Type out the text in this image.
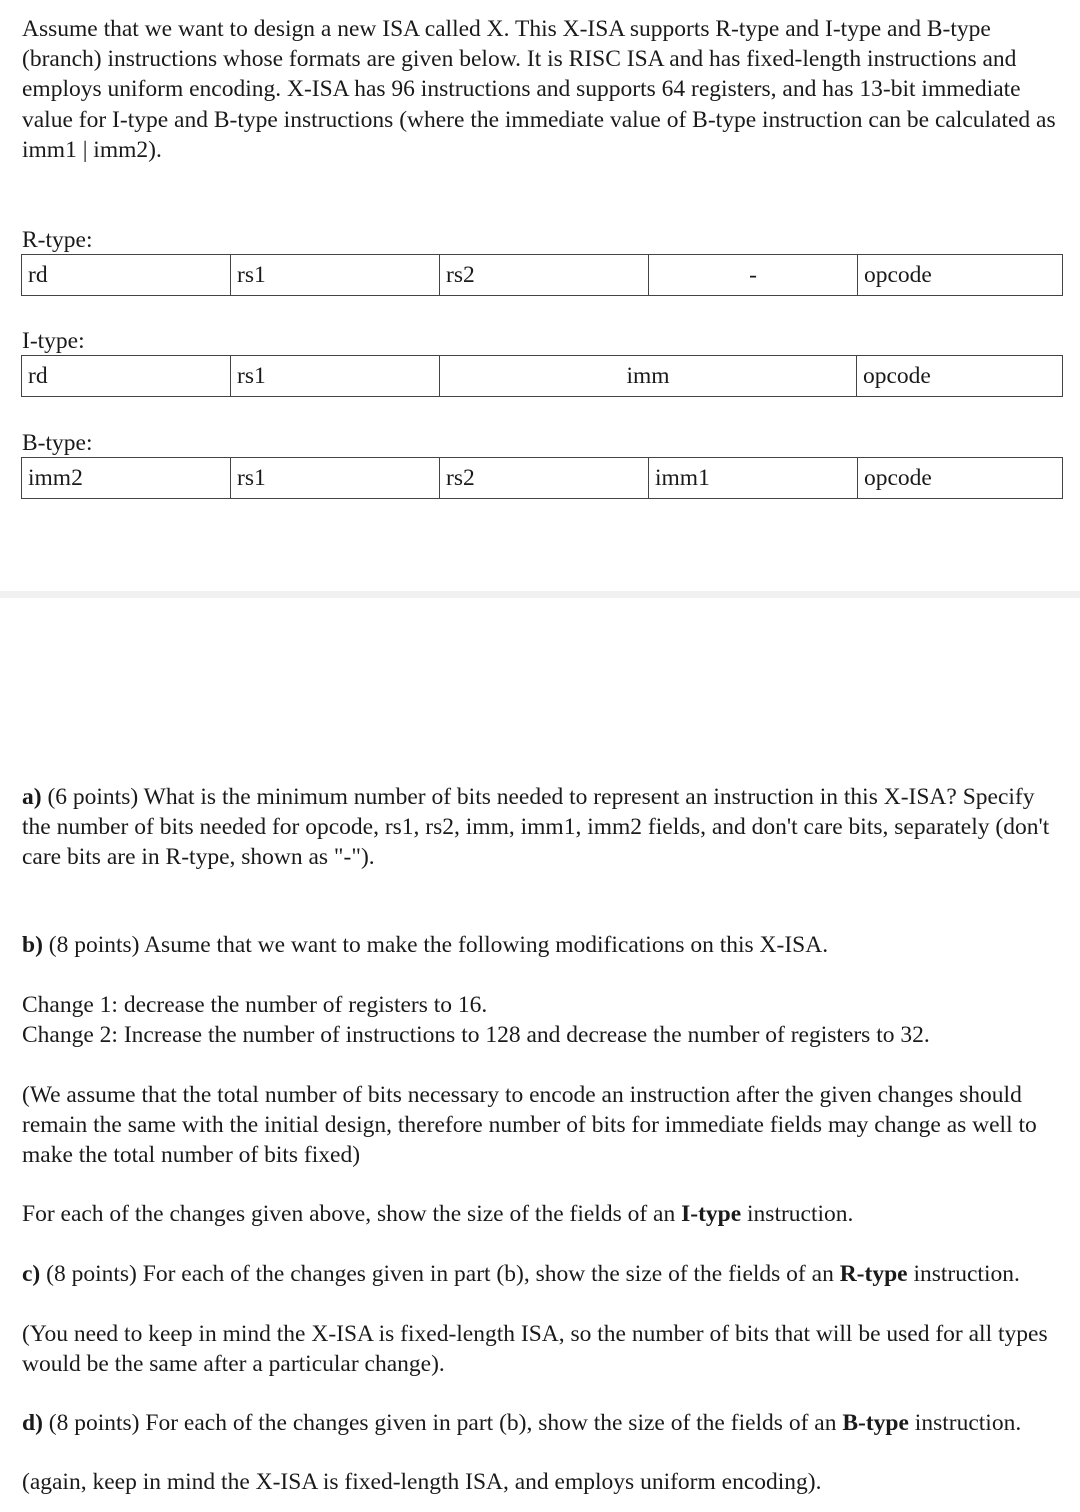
Assume that we want to design a new ISA called X. This X-ISA supports R-type and I-type and B-type (branch) instructions whose formats are given below. It is RISC ISA and has fixed-length instructions and employs uniform encoding. X-ISA has 96 instructions and supports 64 registers, and has 13-bit immediate value for I-type and B-type instructions (where the immediate value of B-type instruction can be calculated as imm1 | imm2).

R-type:

rd	rs1	rs2	-	opcode

I-type:

rd	rs1	imm	opcode

B-type:

imm2	rs1	rs2	imm1	opcode

a) (6 points) What is the minimum number of bits needed to represent an instruction in this X-ISA? Specify the number of bits needed for opcode, rs1, rs2, imm, imm1, imm2 fields, and don't care bits, separately (don't care bits are in R-type, shown as "-").

b) (8 points) Asume that we want to make the following modifications on this X-ISA.

Change 1: decrease the number of registers to 16.

Change 2: Increase the number of instructions to 128 and decrease the number of registers to 32.

(We assume that the total number of bits necessary to encode an instruction after the given changes should remain the same with the initial design, therefore number of bits for immediate fields may change as well to make the total number of bits fixed)

For each of the changes given above, show the size of the fields of an I-type instruction.

c) (8 points) For each of the changes given in part (b), show the size of the fields of an R-type instruction.

(You need to keep in mind the X-ISA is fixed-length ISA, so the number of bits that will be used for all types would be the same after a particular change).

d) (8 points) For each of the changes given in part (b), show the size of the fields of an B-type instruction.

(again, keep in mind the X-ISA is fixed-length ISA, and employs uniform encoding).
